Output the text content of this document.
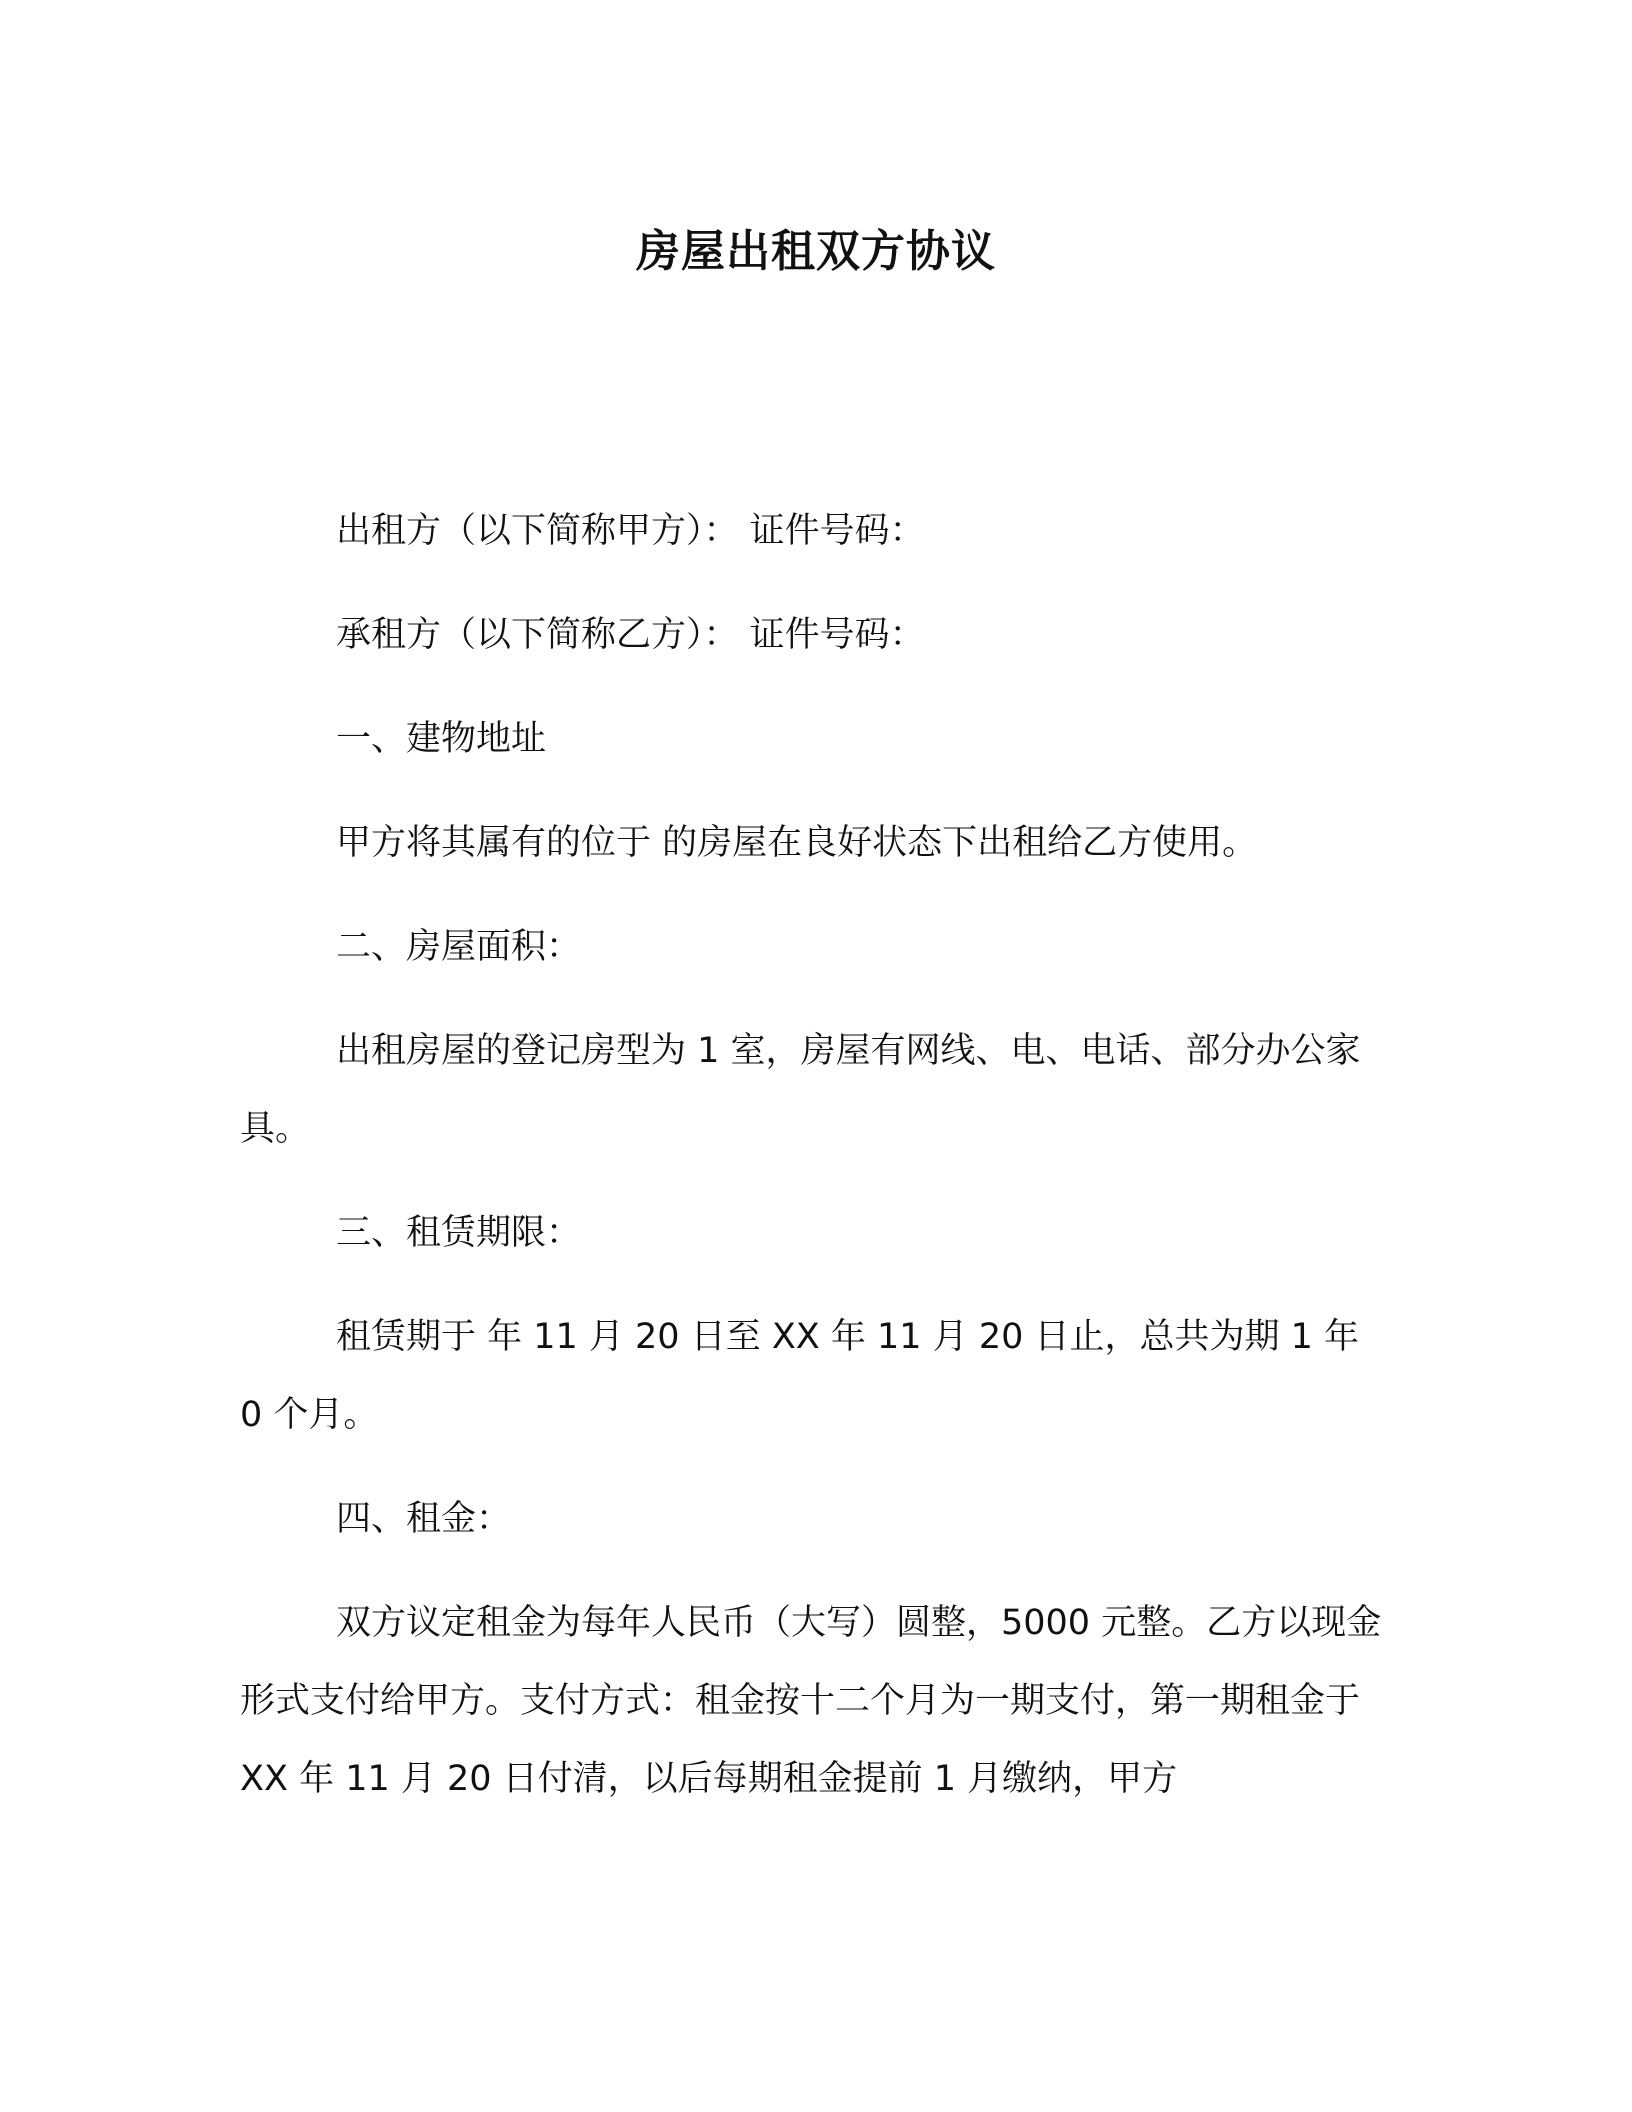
房屋出租双方协议

出租方（以下简称甲方）： 证件号码：

承租方（以下简称乙方）： 证件号码：

一、建物地址

甲方将其属有的位于 的房屋在良好状态下出租给乙方使用。

二、房屋面积：

出租房屋的登记房型为 1 室，房屋有网线、电、电话、部分办公家具。

三、租赁期限：

租赁期于 年 11 月 20 日至 XX 年 11 月 20 日止，总共为期 1 年 0 个月。

四、租金：

双方议定租金为每年人民币（大写）圆整，5000 元整。乙方以现金形式支付给甲方。支付方式：租金按十二个月为一期支付，第一期租金于 XX 年 11 月 20 日付清，以后每期租金提前 1 月缴纳，甲方
